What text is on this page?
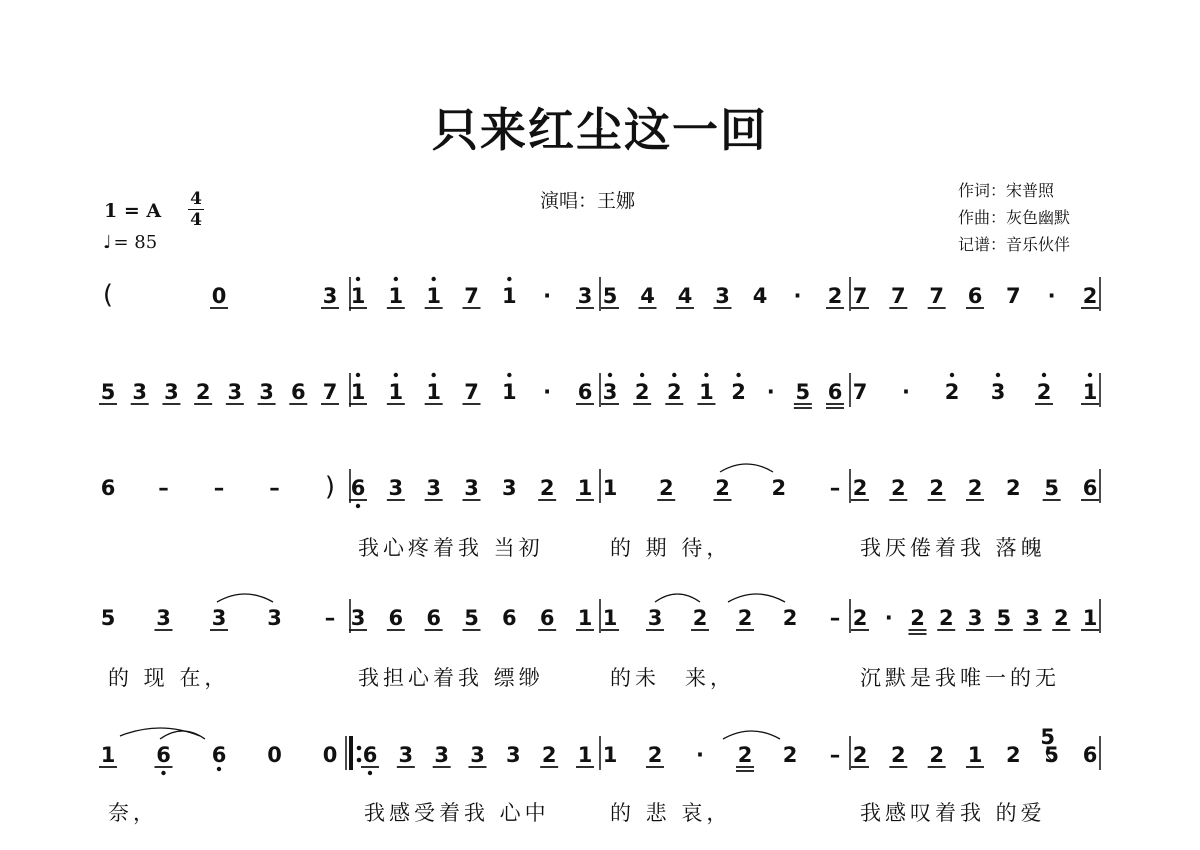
只来红尘这一回
演唱：王娜	作词：宋普照
作曲：灰色幽默
记谱：音乐伙伴
1 = A
4
4
♩ = 85
(	0	3 1 1 1 7 1 · 3 5 4 4 3 4 · 2 7 7 7 6 7 · 2
5 3 3 2 3 3 6 7 1 1 1 7 1 · 6 3 2 2 1 2 · 5 6 7 · 2 3 2 1
6 – – – ) 6 3 3 3 3 2 1 1 2 2 2 – 2 2 2 2 2 5 6
我心疼着我 当初	的 期 待，	我厌倦着我 落魄
5 3 3 3 – 3 6 6 5 6 6 1 1 3 2 2 2 – 2 · 2 2 3 5 3 2 1
的 现 在，	我担心着我 缥缈	的未　来，	沉默是我唯一的无
1 6 6 0 0 6 3 3 3 3 2 1 1 2 · 2 2 – 2 2 2 1 2 5
5
6
奈，	我感受着我 心中	的 悲 哀，	我感叹着我 的爱
